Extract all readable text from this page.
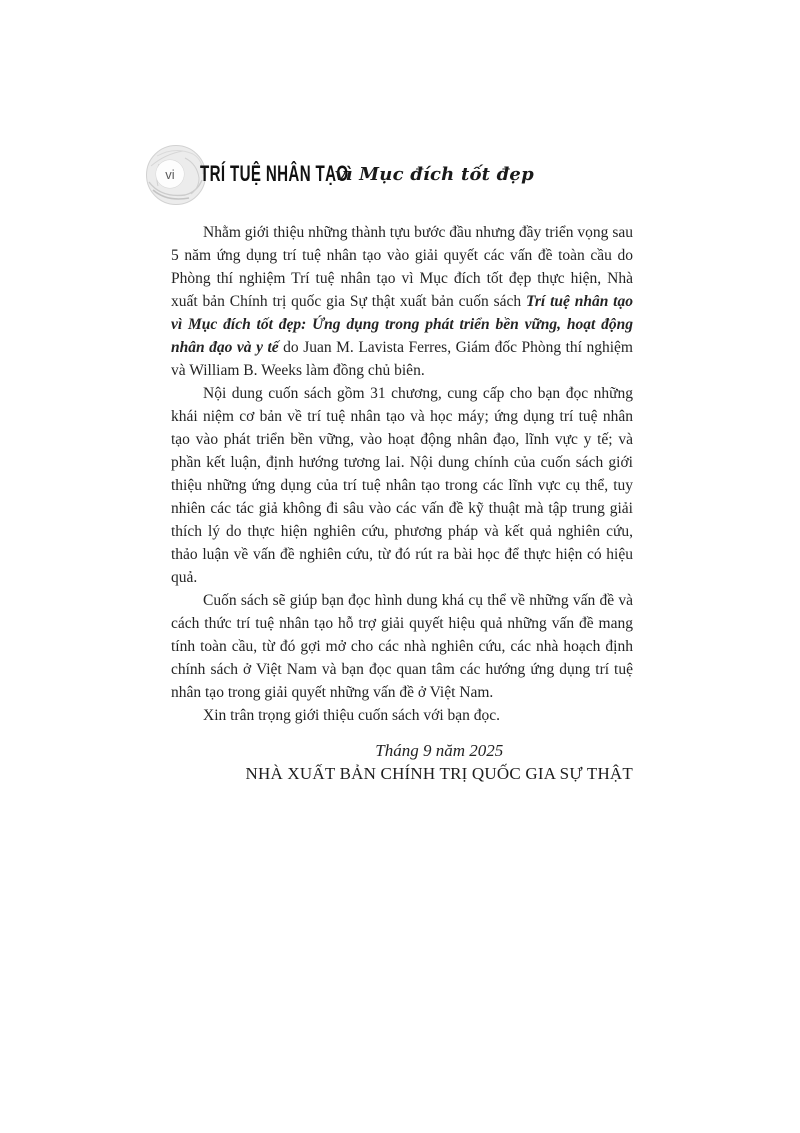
vi	TRÍ TUỆ NHÂN TẠO
vì Mục đích tốt đẹp

Nhằm giới thiệu những thành tựu bước đầu nhưng đầy triển vọng sau 5 năm ứng dụng trí tuệ nhân tạo vào giải quyết các vấn đề toàn cầu do Phòng thí nghiệm Trí tuệ nhân tạo vì Mục đích tốt đẹp thực hiện, Nhà xuất bản Chính trị quốc gia Sự thật xuất bản cuốn sách Trí tuệ nhân tạo vì Mục đích tốt đẹp: Ứng dụng trong phát triển bền vững, hoạt động nhân đạo và y tế do Juan M. Lavista Ferres, Giám đốc Phòng thí nghiệm và William B. Weeks làm đồng chủ biên.

Nội dung cuốn sách gồm 31 chương, cung cấp cho bạn đọc những khái niệm cơ bản về trí tuệ nhân tạo và học máy; ứng dụng trí tuệ nhân tạo vào phát triển bền vững, vào hoạt động nhân đạo, lĩnh vực y tế; và phần kết luận, định hướng tương lai. Nội dung chính của cuốn sách giới thiệu những ứng dụng của trí tuệ nhân tạo trong các lĩnh vực cụ thể, tuy nhiên các tác giả không đi sâu vào các vấn đề kỹ thuật mà tập trung giải thích lý do thực hiện nghiên cứu, phương pháp và kết quả nghiên cứu, thảo luận về vấn đề nghiên cứu, từ đó rút ra bài học để thực hiện có hiệu quả.

Cuốn sách sẽ giúp bạn đọc hình dung khá cụ thể về những vấn đề và cách thức trí tuệ nhân tạo hỗ trợ giải quyết hiệu quả những vấn đề mang tính toàn cầu, từ đó gợi mở cho các nhà nghiên cứu, các nhà hoạch định chính sách ở Việt Nam và bạn đọc quan tâm các hướng ứng dụng trí tuệ nhân tạo trong giải quyết những vấn đề ở Việt Nam.

Xin trân trọng giới thiệu cuốn sách với bạn đọc.

Tháng 9 năm 2025
NHÀ XUẤT BẢN CHÍNH TRỊ QUỐC GIA SỰ THẬT
